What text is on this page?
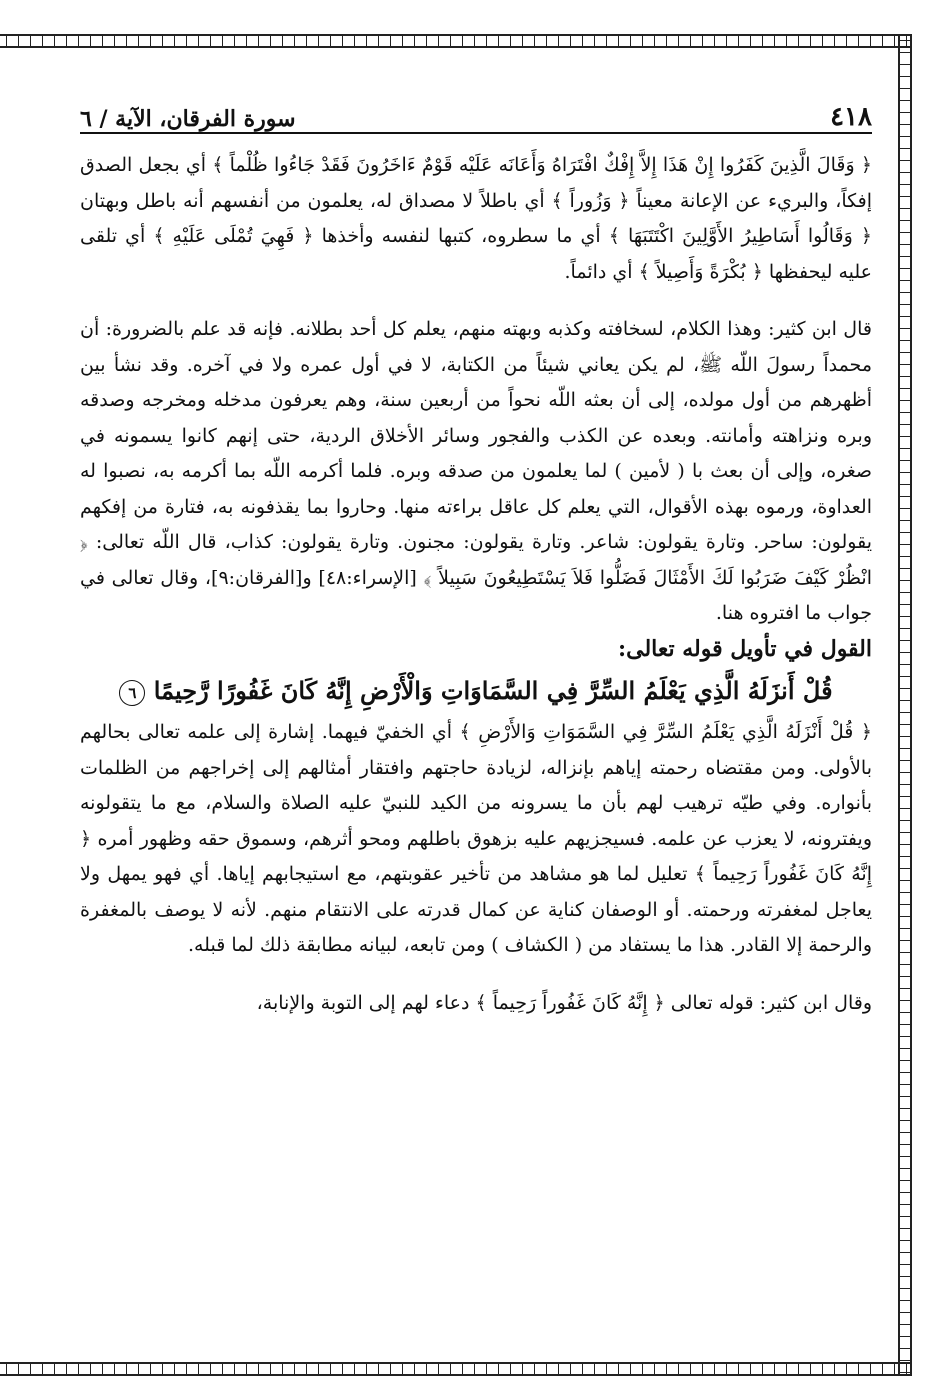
٤١٨
سورة الفرقان، الآية / ٦

﴿ وَقَالَ الَّذِينَ كَفَرُوا إِنْ هَذَا إِلاَّ إِفْكٌ افْتَرَاهُ وَأَعَانَه عَلَيْه قَوْمٌ ءَاخَرُونَ فَقَدْ جَاءُوا ظُلْماً ﴾ أي بجعل الصدق إفكاً، والبريء عن الإعانة معيناً ﴿ وَزُوراً ﴾ أي باطلاً لا مصداق له، يعلمون من أنفسهم أنه باطل وبهتان ﴿ وَقَالُوا أَسَاطِيرُ الأَوَّلِينَ اكْتَتَبَهَا ﴾ أي ما سطروه، كتبها لنفسه وأخذها ﴿ فَهِيَ تُمْلَى عَلَيْهِ ﴾ أي تلقى عليه ليحفظها ﴿ بُكْرَةً وَأَصِيلاً ﴾ أي دائماً.

قال ابن كثير: وهذا الكلام، لسخافته وكذبه وبهته منهم، يعلم كل أحد بطلانه. فإنه قد علم بالضرورة: أن محمداً رسولَ اللّه ﷺ، لم يكن يعاني شيئاً من الكتابة، لا في أول عمره ولا في آخره. وقد نشأ بين أظهرهم من أول مولده، إلى أن بعثه اللّه نحواً من أربعين سنة، وهم يعرفون مدخله ومخرجه وصدقه وبره ونزاهته وأمانته. وبعده عن الكذب والفجور وسائر الأخلاق الردية، حتى إنهم كانوا يسمونه في صغره، وإلى أن بعث با ( لأمين ) لما يعلمون من صدقه وبره. فلما أكرمه اللّه بما أكرمه به، نصبوا له العداوة، ورموه بهذه الأقوال، التي يعلم كل عاقل براءته منها. وحاروا بما يقذفونه به، فتارة من إفكهم يقولون: ساحر. وتارة يقولون: شاعر. وتارة يقولون: مجنون. وتارة يقولون: كذاب، قال اللّه تعالى: ﴿ انْظُرْ كَيْفَ ضَرَبُوا لَكَ الأَمْثَالَ فَضَلُّوا فَلاَ يَسْتَطِيعُونَ سَبِيلاً ﴾ [الإسراء:٤٨] و[الفرقان:٩]، وقال تعالى في جواب ما افتروه هنا.

القول في تأويل قوله تعالى:

قُلْ أَنزَلَهُ الَّذِي يَعْلَمُ السِّرَّ فِي السَّمَاوَاتِ وَالْأَرْضِ إِنَّهُ كَانَ غَفُورًا رَّحِيمًا ٦

﴿ قُلْ أَنْزَلَهُ الَّذِي يَعْلَمُ السِّرَّ فِي السَّمَوَاتِ وَالأَرْضِ ﴾ أي الخفيّ فيهما. إشارة إلى علمه تعالى بحالهم بالأولى. ومن مقتضاه رحمته إياهم بإنزاله، لزيادة حاجتهم وافتقار أمثالهم إلى إخراجهم من الظلمات بأنواره. وفي طيّه ترهيب لهم بأن ما يسرونه من الكيد للنبيّ عليه الصلاة والسلام، مع ما يتقولونه ويفترونه، لا يعزب عن علمه. فسيجزيهم عليه بزهوق باطلهم ومحو أثرهم، وسموق حقه وظهور أمره ﴿ إِنَّهُ كَانَ غَفُوراً رَحِيماً ﴾ تعليل لما هو مشاهد من تأخير عقوبتهم، مع استيجابهم إياها. أي فهو يمهل ولا يعاجل لمغفرته ورحمته. أو الوصفان كناية عن كمال قدرته على الانتقام منهم. لأنه لا يوصف بالمغفرة والرحمة إلا القادر. هذا ما يستفاد من ( الكشاف ) ومن تابعه، لبيانه مطابقة ذلك لما قبله.

وقال ابن كثير: قوله تعالى ﴿ إِنَّهُ كَانَ غَفُوراً رَحِيماً ﴾ دعاء لهم إلى التوبة والإنابة،
